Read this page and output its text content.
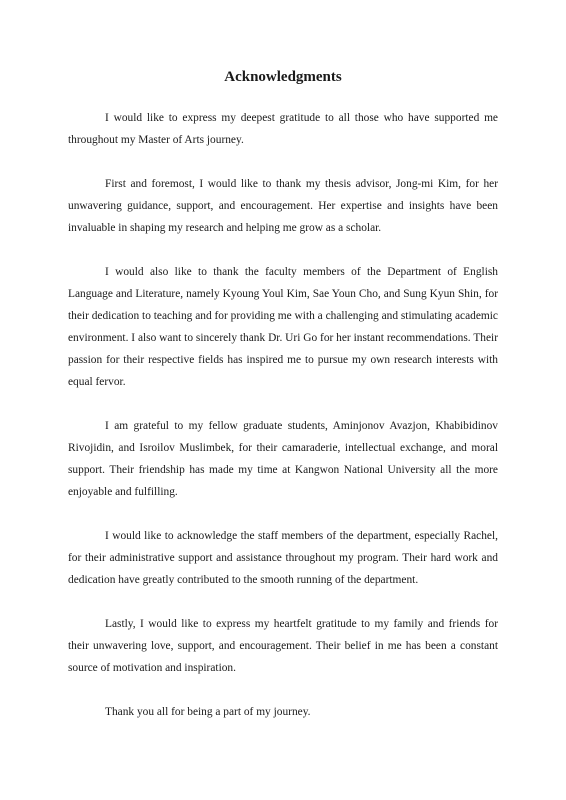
Acknowledgments

I would like to express my deepest gratitude to all those who have supported me throughout my Master of Arts journey.

First and foremost, I would like to thank my thesis advisor, Jong-mi Kim, for her unwavering guidance, support, and encouragement. Her expertise and insights have been invaluable in shaping my research and helping me grow as a scholar.

I would also like to thank the faculty members of the Department of English Language and Literature, namely Kyoung Youl Kim, Sae Youn Cho, and Sung Kyun Shin, for their dedication to teaching and for providing me with a challenging and stimulating academic environment. I also want to sincerely thank Dr. Uri Go for her instant recommendations. Their passion for their respective fields has inspired me to pursue my own research interests with equal fervor.

I am grateful to my fellow graduate students, Aminjonov Avazjon, Khabibidinov Rivojidin, and Isroilov Muslimbek, for their camaraderie, intellectual exchange, and moral support. Their friendship has made my time at Kangwon National University all the more enjoyable and fulfilling.

I would like to acknowledge the staff members of the department, especially Rachel, for their administrative support and assistance throughout my program. Their hard work and dedication have greatly contributed to the smooth running of the department.

Lastly, I would like to express my heartfelt gratitude to my family and friends for their unwavering love, support, and encouragement. Their belief in me has been a constant source of motivation and inspiration.

Thank you all for being a part of my journey.
